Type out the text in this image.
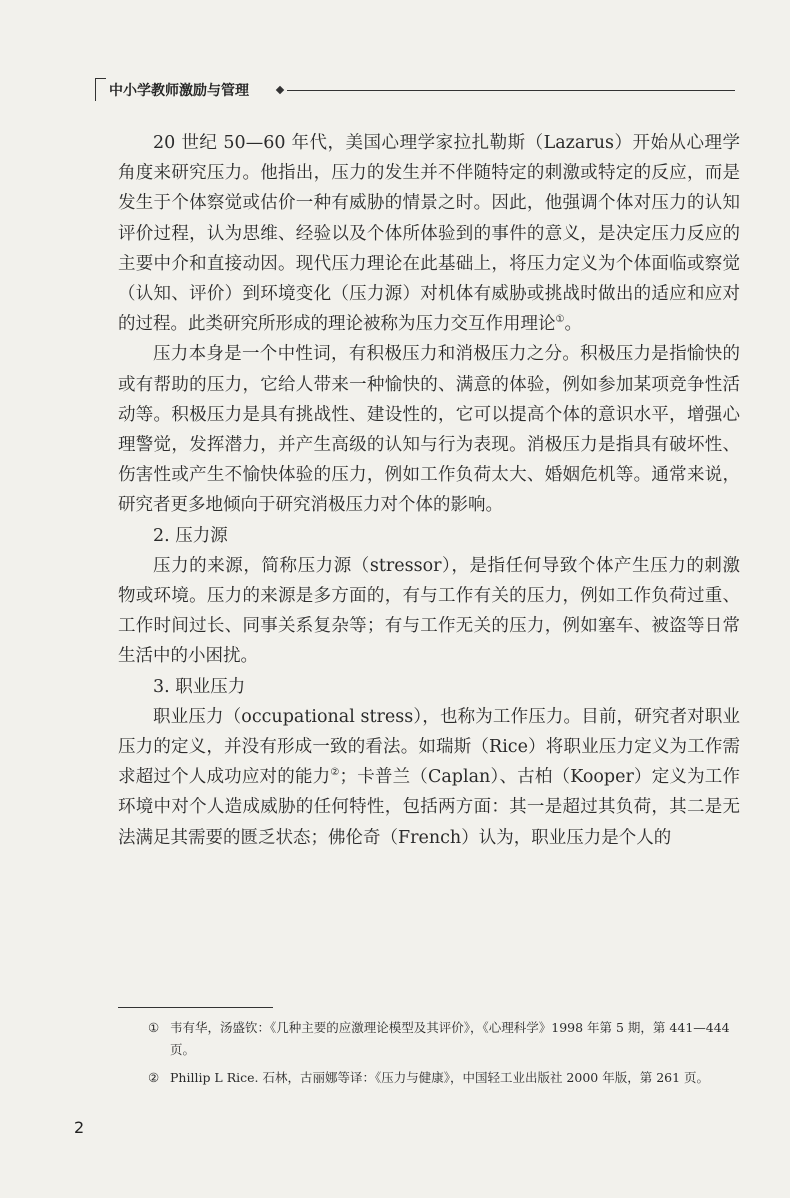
中小学教师激励与管理

20 世纪 50—60 年代，美国心理学家拉扎勒斯（Lazarus）开始从心理学角度来研究压力。他指出，压力的发生并不伴随特定的刺激或特定的反应，而是发生于个体察觉或估价一种有威胁的情景之时。因此，他强调个体对压力的认知评价过程，认为思维、经验以及个体所体验到的事件的意义，是决定压力反应的主要中介和直接动因。现代压力理论在此基础上，将压力定义为个体面临或察觉（认知、评价）到环境变化（压力源）对机体有威胁或挑战时做出的适应和应对的过程。此类研究所形成的理论被称为压力交互作用理论①。

压力本身是一个中性词，有积极压力和消极压力之分。积极压力是指愉快的或有帮助的压力，它给人带来一种愉快的、满意的体验，例如参加某项竞争性活动等。积极压力是具有挑战性、建设性的，它可以提高个体的意识水平，增强心理警觉，发挥潜力，并产生高级的认知与行为表现。消极压力是指具有破坏性、伤害性或产生不愉快体验的压力，例如工作负荷太大、婚姻危机等。通常来说，研究者更多地倾向于研究消极压力对个体的影响。

2. 压力源

压力的来源，简称压力源（stressor），是指任何导致个体产生压力的刺激物或环境。压力的来源是多方面的，有与工作有关的压力，例如工作负荷过重、工作时间过长、同事关系复杂等；有与工作无关的压力，例如塞车、被盗等日常生活中的小困扰。

3. 职业压力

职业压力（occupational stress），也称为工作压力。目前，研究者对职业压力的定义，并没有形成一致的看法。如瑞斯（Rice）将职业压力定义为工作需求超过个人成功应对的能力②；卡普兰（Caplan）、古柏（Kooper）定义为工作环境中对个人造成威胁的任何特性，包括两方面：其一是超过其负荷，其二是无法满足其需要的匮乏状态；佛伦奇（French）认为，职业压力是个人的

① 韦有华，汤盛钦：《几种主要的应激理论模型及其评价》，《心理科学》1998 年第 5 期，第 441—444 页。

② Phillip L Rice. 石林，古丽娜等译：《压力与健康》，中国轻工业出版社 2000 年版，第 261 页。

2
